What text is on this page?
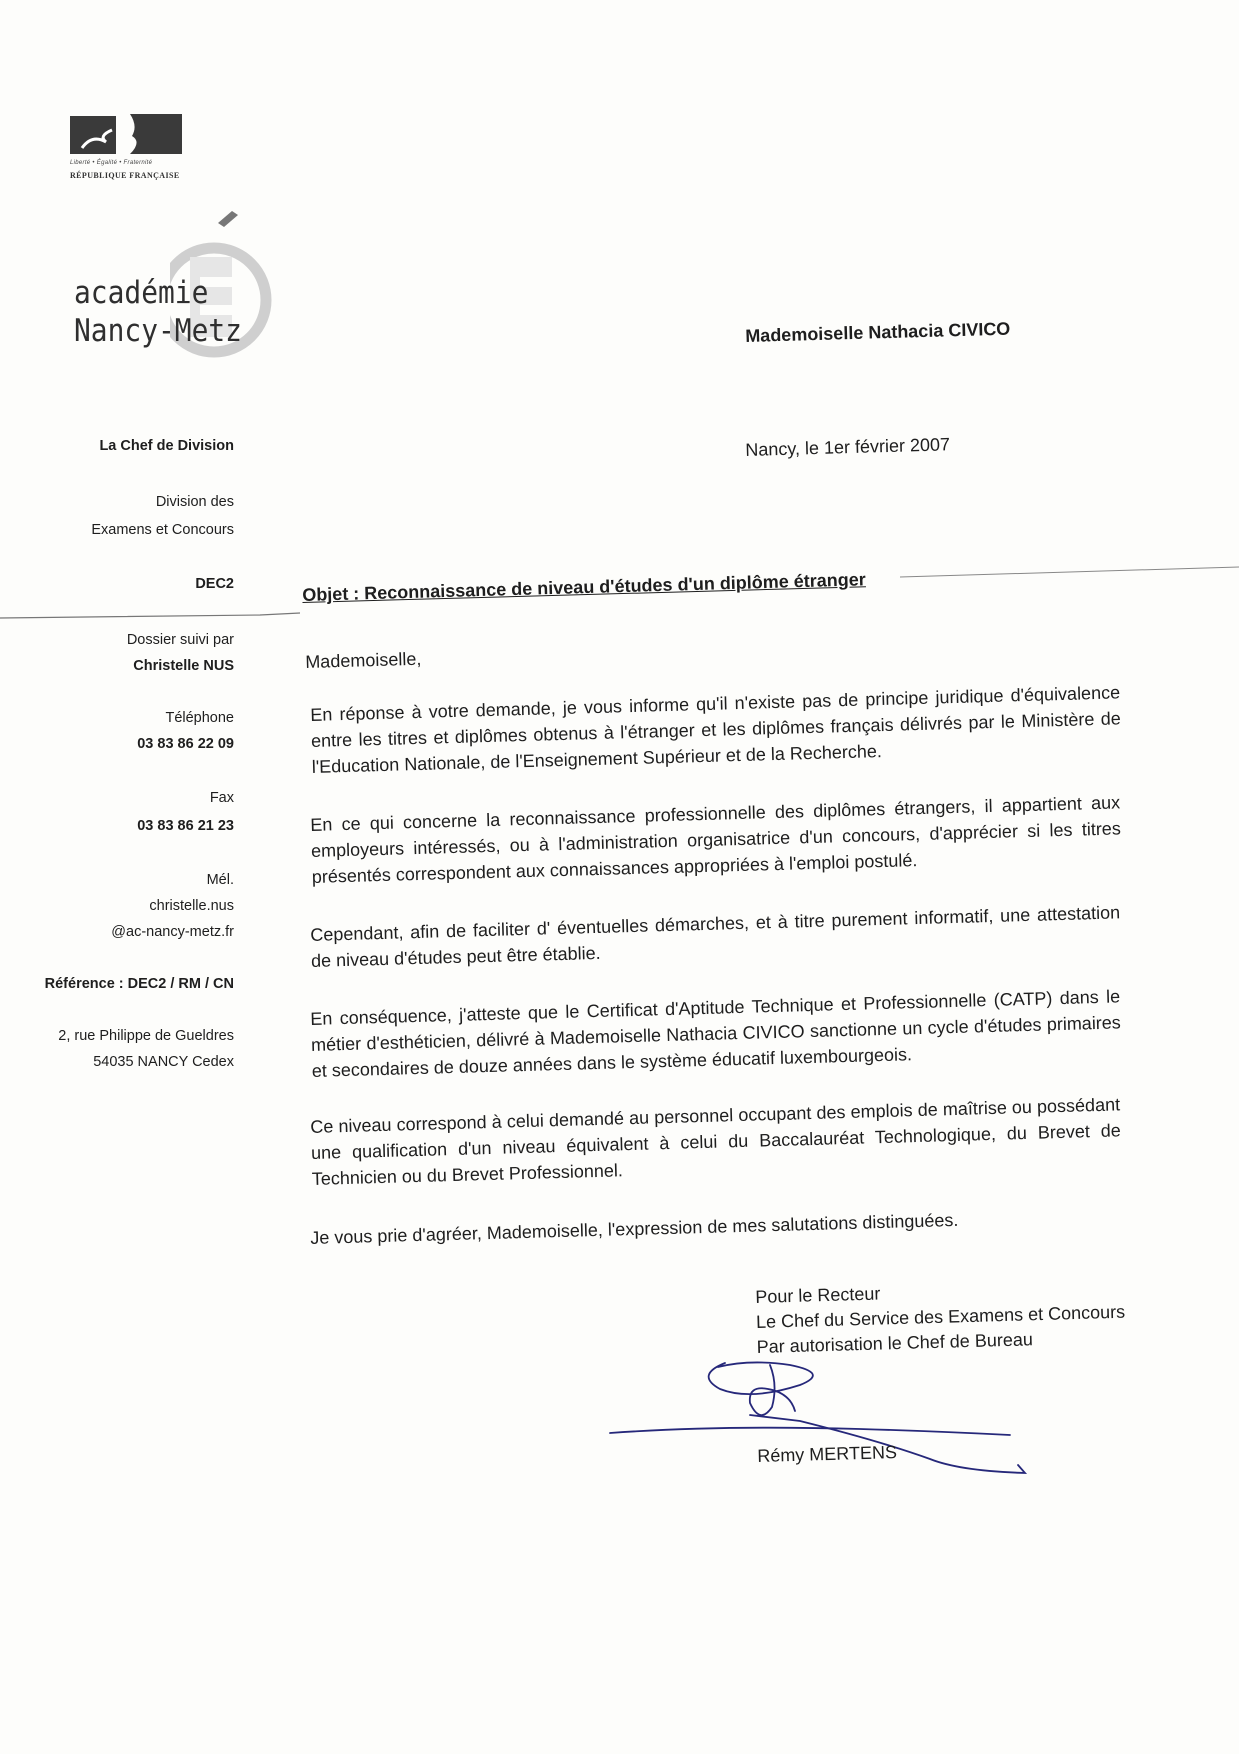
Liberté • Égalité • Fraternité
RÉPUBLIQUE FRANÇAISE
académie
Nancy-Metz
La Chef de Division
Division des
Examens et Concours
DEC2
Dossier suivi par
Christelle NUS
Téléphone
03 83 86 22 09
Fax
03 83 86 21 23
Mél.
christelle.nus
@ac-nancy-metz.fr
Référence : DEC2 / RM / CN
2, rue Philippe de Gueldres
54035 NANCY Cedex
Mademoiselle Nathacia CIVICO
Nancy, le 1er février 2007
Objet : Reconnaissance de niveau d'études d'un diplôme étranger
Mademoiselle,
En réponse à votre demande, je vous informe qu'il n'existe pas de principe juridique d'équivalence entre les titres et diplômes obtenus à l'étranger et les diplômes français délivrés par le Ministère de l'Education Nationale, de l'Enseignement Supérieur et de la Recherche.
En ce qui concerne la reconnaissance professionnelle des diplômes étrangers, il appartient aux employeurs intéressés, ou à l'administration organisatrice d'un concours, d'apprécier si les titres présentés correspondent aux connaissances appropriées à l'emploi postulé.
Cependant, afin de faciliter d' éventuelles démarches, et à titre purement informatif, une attestation de niveau d'études peut être établie.
En conséquence, j'atteste que le Certificat d'Aptitude Technique et Professionnelle (CATP) dans le métier d'esthéticien, délivré à Mademoiselle Nathacia CIVICO sanctionne un cycle d'études primaires et secondaires de douze années dans le système éducatif luxembourgeois.
Ce niveau correspond à celui demandé au personnel occupant des emplois de maîtrise ou possédant une qualification d'un niveau équivalent à celui du Baccalauréat Technologique, du Brevet de Technicien ou du Brevet Professionnel.
Je vous prie d'agréer, Mademoiselle, l'expression de mes salutations distinguées.
Pour le Recteur
Le Chef du Service des Examens et Concours
Par autorisation le Chef de Bureau
Rémy MERTENS
